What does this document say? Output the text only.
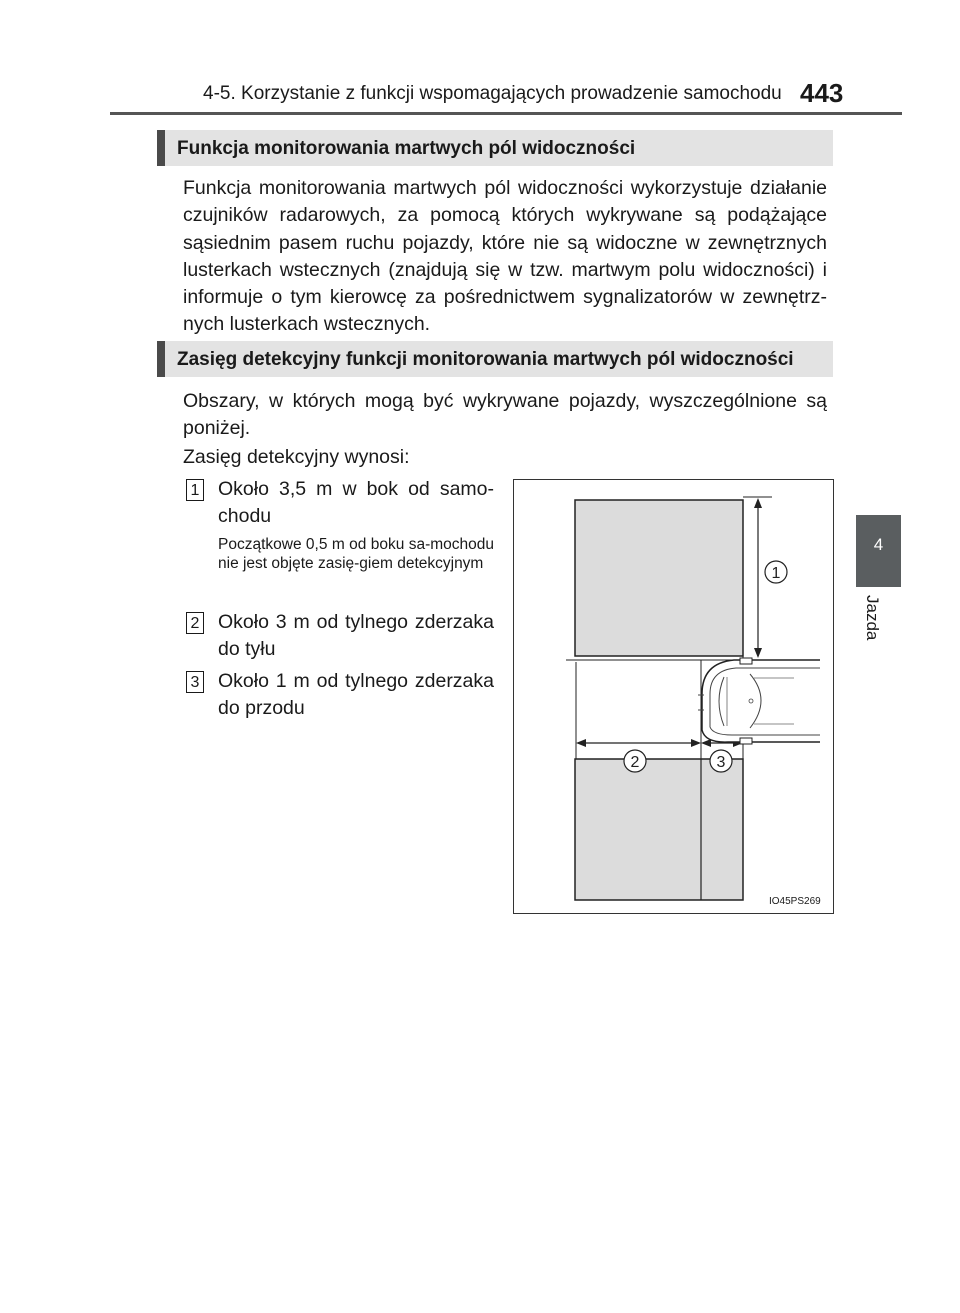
4-5. Korzystanie z funkcji wspomagających prowadzenie samochodu 443
4
Jazda
Funkcja monitorowania martwych pól widoczności
Funkcja monitorowania martwych pól widoczności wykorzystuje działanie czujników radarowych, za pomocą których wykrywane są podążające sąsiednim pasem ruchu pojazdy, które nie są widoczne w zewnętrznych lusterkach wstecznych (znajdują się w tzw. martwym polu widoczności) i informuje o tym kierowcę za pośrednictwem sygnalizatorów w zewnętrz-nych lusterkach wstecznych.
Zasięg detekcyjny funkcji monitorowania martwych pól widoczności
Obszary, w których mogą być wykrywane pojazdy, wyszczególnione są poniżej.
Zasięg detekcyjny wynosi:
1 Około 3,5 m w bok od samo-chodu
Początkowe 0,5 m od boku sa-mochodu nie jest objęte zasię-giem detekcyjnym
2 Około 3 m od tylnego zderzaka do tyłu
3 Około 1 m od tylnego zderzaka do przodu
1
2	3
IO45PS269
